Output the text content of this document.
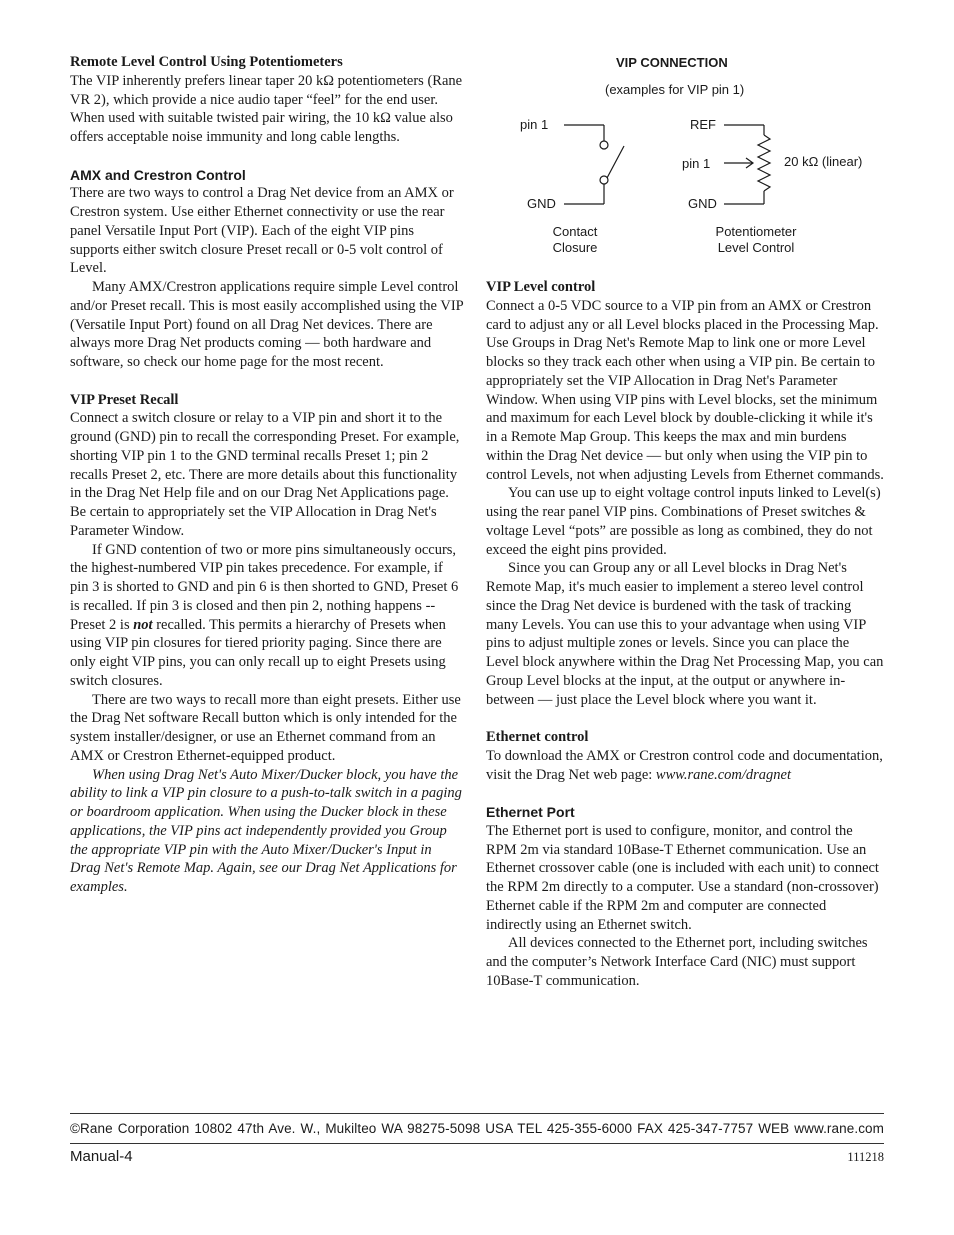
Remote Level Control Using Potentiometers

The VIP inherently prefers linear taper 20 kΩ potentiometers (Rane VR 2), which provide a nice audio taper “feel” for the end user. When used with suitable twisted pair wiring, the 10 kΩ value also offers acceptable noise immunity and long cable lengths.

AMX and Crestron Control

There are two ways to control a Drag Net device from an AMX or Crestron system. Use either Ethernet connectivity or use the rear panel Versatile Input Port (VIP). Each of the eight VIP pins supports either switch closure Preset recall or 0-5 volt control of Level.

Many AMX/Crestron applications require simple Level control and/or Preset recall. This is most easily accomplished using the VIP (Versatile Input Port) found on all Drag Net devices. There are always more Drag Net products coming — both hardware and software, so check our home page for the most recent.

VIP Preset Recall

Connect a switch closure or relay to a VIP pin and short it to the ground (GND) pin to recall the corresponding Preset. For example, shorting VIP pin 1 to the GND terminal recalls Preset 1; pin 2 recalls Preset 2, etc. There are more details about this functionality in the Drag Net Help file and on our Drag Net Applications page. Be certain to appropriately set the VIP Allocation in Drag Net's Parameter Window.

If GND contention of two or more pins simultaneously occurs, the highest-numbered VIP pin takes precedence. For example, if pin 3 is shorted to GND and pin 6 is then shorted to GND, Preset 6 is recalled. If pin 3 is closed and then pin 2, nothing happens -- Preset 2 is not recalled. This permits a hierarchy of Presets when using VIP pin closures for tiered priority paging. Since there are only eight VIP pins, you can only recall up to eight Presets using switch closures.

There are two ways to recall more than eight presets. Either use the Drag Net software Recall button which is only intended for the system installer/designer, or use an Ethernet command from an AMX or Crestron Ethernet-equipped product.

When using Drag Net's Auto Mixer/Ducker block, you have the ability to link a VIP pin closure to a push-to-talk switch in a paging or boardroom application. When using the Ducker block in these applications, the VIP pins act independently provided you Group the appropriate VIP pin with the Auto Mixer/Ducker's Input in Drag Net's Remote Map. Again, see our Drag Net Applications for examples.

VIP CONNECTION
(examples for VIP pin 1)
pin 1
GND
Contact
Closure
REF
pin 1	20 kΩ (linear)
GND
Potentiometer
Level Control

VIP Level control

Connect a 0-5 VDC source to a VIP pin from an AMX or Crestron card to adjust any or all Level blocks placed in the Processing Map. Use Groups in Drag Net's Remote Map to link one or more Level blocks so they track each other when using a VIP pin. Be certain to appropriately set the VIP Allocation in Drag Net's Parameter Window. When using VIP pins with Level blocks, set the minimum and maximum for each Level block by double-clicking it while it's in a Remote Map Group. This keeps the max and min burdens within the Drag Net device — but only when using the VIP pin to control Levels, not when adjusting Levels from Ethernet commands.

You can use up to eight voltage control inputs linked to Level(s) using the rear panel VIP pins. Combinations of Preset switches & voltage Level “pots” are possible as long as combined, they do not exceed the eight pins provided.

Since you can Group any or all Level blocks in Drag Net's Remote Map, it's much easier to implement a stereo level control since the Drag Net device is burdened with the task of tracking many Levels. You can use this to your advantage when using VIP pins to adjust multiple zones or levels. Since you can place the Level block anywhere within the Drag Net Processing Map, you can Group Level blocks at the input, at the output or anywhere in-between — just place the Level block where you want it.

Ethernet control

To download the AMX or Crestron control code and documentation, visit the Drag Net web page: www.rane.com/dragnet

Ethernet Port

The Ethernet port is used to configure, monitor, and control the RPM 2m via standard 10Base-T Ethernet communication. Use an Ethernet crossover cable (one is included with each unit) to connect the RPM 2m directly to a computer. Use a standard (non-crossover) Ethernet cable if the RPM 2m and computer are connected indirectly using an Ethernet switch.

All devices connected to the Ethernet port, including switches and the computer’s Network Interface Card (NIC) must support 10Base-T communication.

©Rane Corporation 10802 47th Ave. W., Mukilteo WA 98275-5098 USA TEL 425-355-6000 FAX 425-347-7757 WEB www.rane.com
Manual-4	111218
